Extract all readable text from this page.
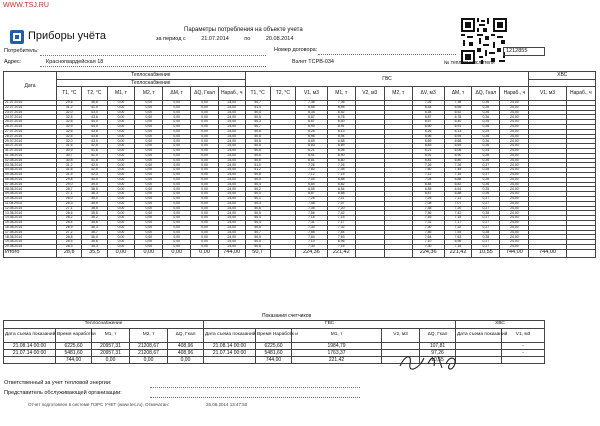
WWW.TSJ.RU
Приборы учёта	Параметры потребления на объекте учета
за период с	21.07.2014	по	20.08.2014
Потребитель:	Номер договора:
Адрес:	Красногвардейская 18	Взлет ТСРВ-034
1212855
№ тепловычислителя
Дата	Теплоснабжение							ГВС										ХВС	
	Теплоснабжение																		
	T1, °C	T2, °C	M1, т	M2, т	ΔM, т	ΔQ, Гкал	Нараб., ч	T1, °C	T2, °C	V1, м3	M1, т	V2, м3	M2, т	ΔV, м3	ΔM, т	ΔQ, Гкал	Нараб., ч	V1, м3	Нараб., ч
21.07.2014	29,6	36,8	0,00	0,00	0,00	0,00	24,00	50,7		7,36	7,36			7,26	7,36	0,26	24,00		
22.07.2014	31,2	41,0	0,00	0,00	0,00	0,00	24,00	51,4		6,55	6,55			6,44	6,55	0,26	24,00		
23.07.2014	32,0	43,0	0,00	0,00	0,00	0,00	24,00	50,4		6,34	6,52			6,34	6,52	0,26	24,00		
24.07.2014	32,5	43,6	0,00	0,00	0,00	0,00	24,00	50,5		6,87	6,78			6,87	6,78	0,26	24,00		
25.07.2014	32,8	44,0	0,00	0,00	0,00	0,00	24,00	50,3		6,57	6,40			6,57	6,40	0,25	24,00		
26.07.2014	32,9	44,0	0,00	0,00	0,00	0,00	24,00	50,7		6,90	6,91			6,90	6,91	0,26	24,00		
27.07.2014	32,6	43,8	0,00	0,00	0,00	0,00	24,00	50,6		6,26	6,13			6,26	6,13	0,24	24,00		
28.07.2014	32,5	43,6	0,00	0,00	0,00	0,00	24,00	50,5		6,96	6,94			6,96	6,94	0,26	24,00		
29.07.2014	32,0	43,0	0,00	0,00	0,00	0,00	24,00	50,6		6,69	6,68			6,69	6,68	0,26	24,00		
30.07.2014	31,6	42,5	0,00	0,00	0,00	0,00	24,00	50,5		6,83	6,69			6,83	6,69	0,26	24,00		
31.07.2014	30,9	41,6	0,00	0,00	0,00	0,00	24,00	50,6		6,21	6,06			6,21	6,06	0,24	24,00		
01.08.2014	30,7	41,0	0,00	0,00	0,00	0,00	24,00	50,6		6,91	6,90			6,91	6,90	0,26	24,00		
02.08.2014	30,8	41,6	0,00	0,00	0,00	0,00	24,00	50,6		6,81	6,80			6,81	6,80	0,26	24,00		
03.08.2014	31,2	42,0	0,00	0,00	0,00	0,00	24,00	51,0		7,26	7,26			7,26	7,26	0,27	24,00		
04.08.2014	31,6	42,5	0,00	0,00	0,00	0,00	24,00	51,2		7,60	7,45			7,60	7,45	0,28	24,00		
05.08.2014	31,5	42,3	0,00	0,00	0,00	0,00	24,00	50,8		7,12	7,15			7,12	7,15	0,27	24,00		
06.08.2014	29,8	40,0	0,00	0,00	0,00	0,00	24,00	50,5		7,04	6,88			7,04	6,88	0,26	24,00		
07.08.2014	29,0	39,0	0,00	0,00	0,00	0,00	24,00	50,4		6,84	6,82			6,84	6,82	0,26	24,00		
08.08.2014	28,7	38,5	0,00	0,00	0,00	0,00	24,00	50,2		6,55	6,54			6,55	6,54	0,25	24,00		
09.08.2014	27,1	36,3	0,00	0,00	0,00	0,00	24,00	50,0		6,87	6,88			6,87	6,88	0,26	24,00		
10.08.2014	26,0	35,0	0,00	0,00	0,00	0,00	24,00	50,1		7,25	7,11			7,25	7,11	0,27	24,00		
11.08.2014	26,3	35,5	0,00	0,00	0,00	0,00	24,00	50,3		7,08	7,07			7,08	7,07	0,27	24,00		
12.08.2014	27,1	36,5	0,00	0,00	0,00	0,00	24,00	50,6		7,35	7,20			7,35	7,20	0,27	24,00		
13.08.2014	26,6	35,8	0,00	0,00	0,00	0,00	24,00	50,5		7,56	7,42			7,56	7,42	0,28	24,00		
14.08.2014	26,2	35,2	0,00	0,00	0,00	0,00	24,00	50,4		7,16	7,15			7,16	7,15	0,27	24,00		
15.08.2014	26,4	35,6	0,00	0,00	0,00	0,00	24,00	50,4		7,31	7,17			7,31	7,17	0,27	24,00		
16.08.2014	26,9	36,3	0,00	0,00	0,00	0,00	24,00	50,6		7,30	7,32			7,30	7,32	0,27	24,00		
17.08.2014	27,2	36,7	0,00	0,00	0,00	0,00	24,00	50,7		7,56	7,54			7,56	7,54	0,28	24,00		
18.08.2014	26,8	36,0	0,00	0,00	0,00	0,00	24,00	50,5		7,64	7,63			7,64	7,63	0,28	24,00		
19.08.2014	26,5	35,6	0,00	0,00	0,00	0,00	24,00	50,5		7,10	6,96			7,10	6,96	0,27	24,00		
20.08.2014	26,3	35,3	0,00	0,00	0,00	0,00	24,00	50,8		7,30	7,15			7,30	7,15	0,27	24,00		
Итого	28,8	35,5	0,00	0,00	0,00	0,00	744,00	50,7		224,36	221,42			224,36	221,42	10,55	744,00	744,00	
Показания счетчиков
Теплоснабжение					ГВС					ХВС	
Дата съема показаний	Время наработки	M1, т	M2, т	ΔQ, Гкал	Дата съема показаний	Время Наработк и	M1, т	V2, м3	ΔQ, Гкал	Дата съема показаний	V1, м3
21.08.14 00:00	6225,60	20957,31	21208,67	408,96	21.08.14 00:00	6225,60	1984,79		107,81		-
21.07.14 00:00	5481,60	20957,31	21208,67	408,96	21.07.14 00:00	5481,60	1763,37		97,26		-
	744,00	0,00	0,00	0,00		744,00	221,42		10,55		
Ответственный за учет тепловой энергии:
Представитель обслуживающей организации:
Отчет подготовлен в системе ПЭРС УЧЕТ (www.tes.ru), Отмечатан:	26.08.2014 13:47:50
